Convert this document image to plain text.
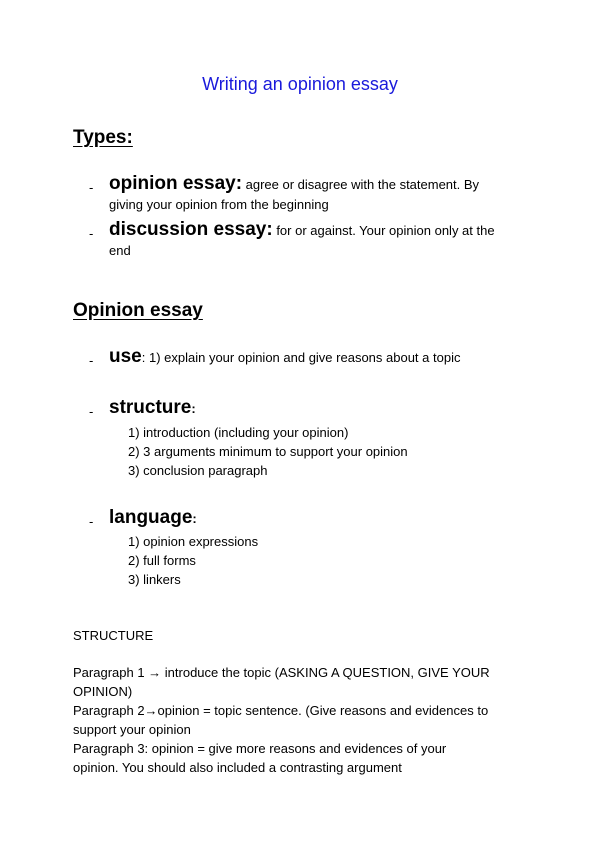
Writing an opinion essay
Types:
- opinion essay: agree or disagree with the statement. By
giving your opinion from the beginning
- discussion essay: for or against. Your opinion only at the
end
Opinion essay
- use: 1) explain your opinion and give reasons about a topic
- structure:
1) introduction (including your opinion)
2) 3 arguments minimum to support your opinion
3) conclusion paragraph
- language:
1) opinion expressions
2) full forms
3) linkers
STRUCTURE
Paragraph 1 → introduce the topic (ASKING A QUESTION, GIVE YOUR
OPINION)
Paragraph 2→opinion = topic sentence. (Give reasons and evidences to
support your opinion
Paragraph 3: opinion = give more reasons and evidences of your
opinion. You should also included a contrasting argument
